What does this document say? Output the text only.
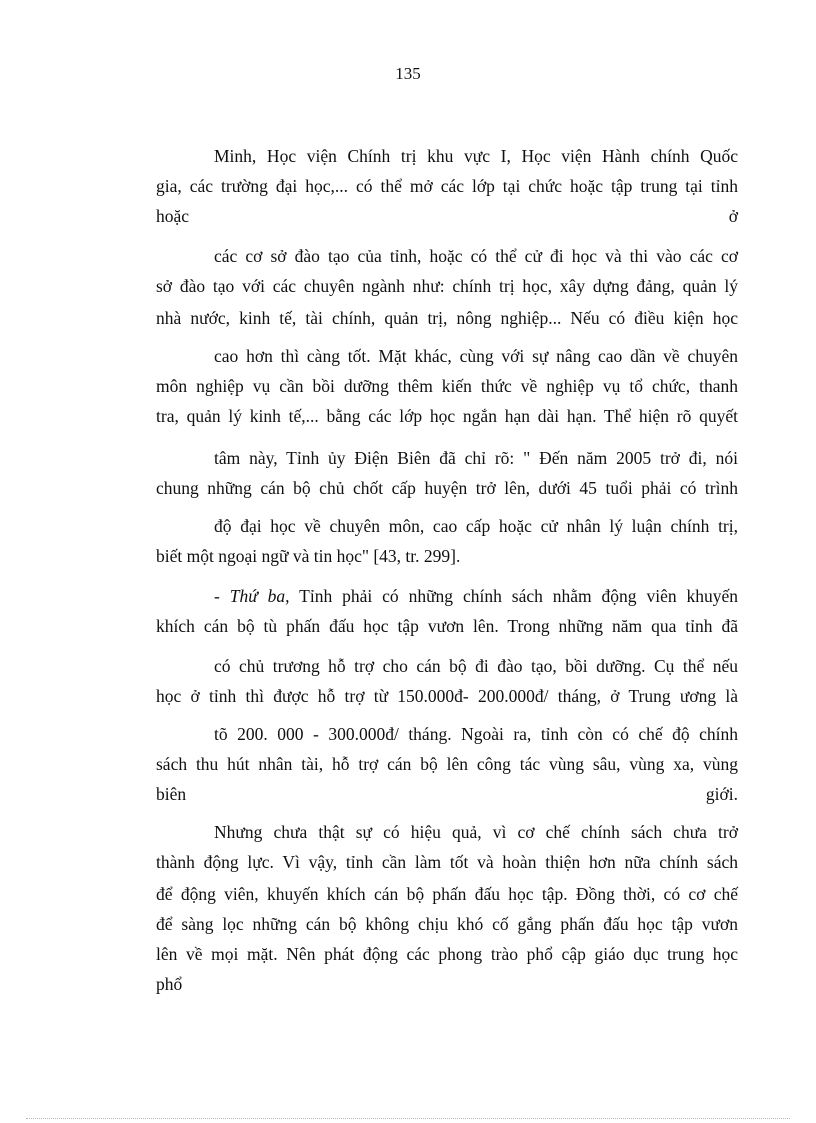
135
Minh, Học viện Chính trị khu vực I, Học viện Hành chính Quốc
gia, các trường đại học,... có thể mở các lớp tại chức hoặc tập trung tại tỉnh
hoặc	ở
các cơ sở đào tạo của tỉnh, hoặc có thể cử đi học và thi vào các cơ
sở đào tạo với các chuyên ngành như: chính trị học, xây dựng đảng, quản lý
nhà nước, kinh tế, tài chính, quản trị, nông nghiệp... Nếu có điều kiện học
cao hơn thì càng tốt. Mặt khác, cùng với sự nâng cao dần về chuyên
môn nghiệp vụ cần bồi dưỡng thêm kiến thức về nghiệp vụ tổ chức, thanh
tra, quản lý kinh tế,... bằng các lớp học ngắn hạn dài hạn. Thể hiện rõ quyết
tâm này, Tỉnh ủy Điện Biên đã chỉ rõ: " Đến năm 2005 trở đi, nói
chung những cán bộ chủ chốt cấp huyện trở lên, dưới 45 tuổi phải có trình
độ đại học về chuyên môn, cao cấp hoặc cử nhân lý luận chính trị,
biết một ngoại ngữ và tin học" [43, tr. 299].
- Thứ ba, Tỉnh phải có những chính sách nhằm động viên khuyến
khích cán bộ tù phấn đấu học tập vươn lên. Trong những năm qua tỉnh đã
có chủ trương hỗ trợ cho cán bộ đi đào tạo, bồi dưỡng. Cụ thể nếu
học ở tỉnh thì được hỗ trợ từ 150.000đ- 200.000đ/ tháng, ở Trung ương là
tõ 200. 000 - 300.000đ/ tháng. Ngoài ra, tỉnh còn có chế độ chính
sách thu hút nhân tài, hỗ trợ cán bộ lên công tác vùng sâu, vùng xa, vùng
biên	giới.
Nhưng chưa thật sự có hiệu quả, vì cơ chế chính sách chưa trở
thành động lực. Vì vậy, tỉnh cần làm tốt và hoàn thiện hơn nữa chính sách
để động viên, khuyến khích cán bộ phấn đấu học tập. Đồng thời, có cơ chế
để sàng lọc những cán bộ không chịu khó cố gắng phấn đấu học tập vươn
lên về mọi mặt. Nên phát động các phong trào phổ cập giáo dục trung học
phổ
